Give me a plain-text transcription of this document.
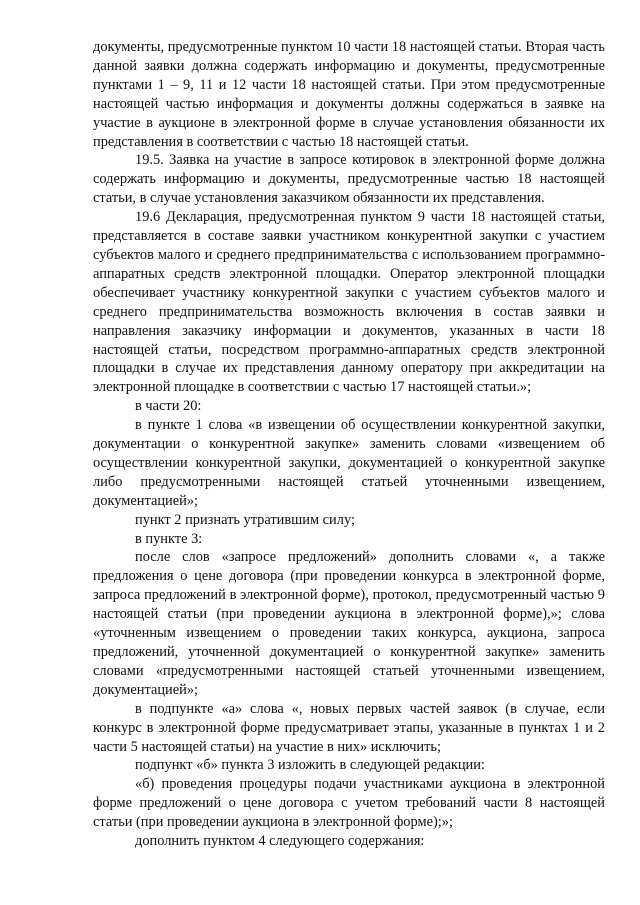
документы, предусмотренные пунктом 10 части 18 настоящей статьи. Вторая часть данной заявки должна содержать информацию и документы, предусмотренные пунктами 1 – 9, 11 и 12 части 18 настоящей статьи. При этом предусмотренные настоящей частью информация и документы должны содержаться в заявке на участие в аукционе в электронной форме в случае установления обязанности их представления в соответствии с частью 18 настоящей статьи.

19.5. Заявка на участие в запросе котировок в электронной форме должна содержать информацию и документы, предусмотренные частью 18 настоящей статьи, в случае установления заказчиком обязанности их представления.

19.6 Декларация, предусмотренная пунктом 9 части 18 настоящей статьи, представляется в составе заявки участником конкурентной закупки с участием субъектов малого и среднего предпринимательства с использованием программно-аппаратных средств электронной площадки. Оператор электронной площадки обеспечивает участнику конкурентной закупки с участием субъектов малого и среднего предпринимательства возможность включения в состав заявки и направления заказчику информации и документов, указанных в части 18 настоящей статьи, посредством программно-аппаратных средств электронной площадки в случае их представления данному оператору при аккредитации на электронной площадке в соответствии с частью 17 настоящей статьи.»;

в части 20:

в пункте 1 слова «в извещении об осуществлении конкурентной закупки, документации о конкурентной закупке» заменить словами «извещением об осуществлении конкурентной закупки, документацией о конкурентной закупке либо предусмотренными настоящей статьей уточненными извещением, документацией»;

пункт 2 признать утратившим силу;

в пункте 3:

после слов «запросе предложений» дополнить словами «, а также предложения о цене договора (при проведении конкурса в электронной форме, запроса предложений в электронной форме), протокол, предусмотренный частью 9 настоящей статьи (при проведении аукциона в электронной форме),»; слова «уточненным извещением о проведении таких конкурса, аукциона, запроса предложений, уточненной документацией о конкурентной закупке» заменить словами «предусмотренными настоящей статьей уточненными извещением, документацией»;

в подпункте «а» слова «, новых первых частей заявок (в случае, если конкурс в электронной форме предусматривает этапы, указанные в пунктах 1 и 2 части 5 настоящей статьи) на участие в них» исключить;

подпункт «б» пункта 3 изложить в следующей редакции:

«б) проведения процедуры подачи участниками аукциона в электронной форме предложений о цене договора с учетом требований части 8 настоящей статьи (при проведении аукциона в электронной форме);»;

дополнить пунктом 4 следующего содержания:
